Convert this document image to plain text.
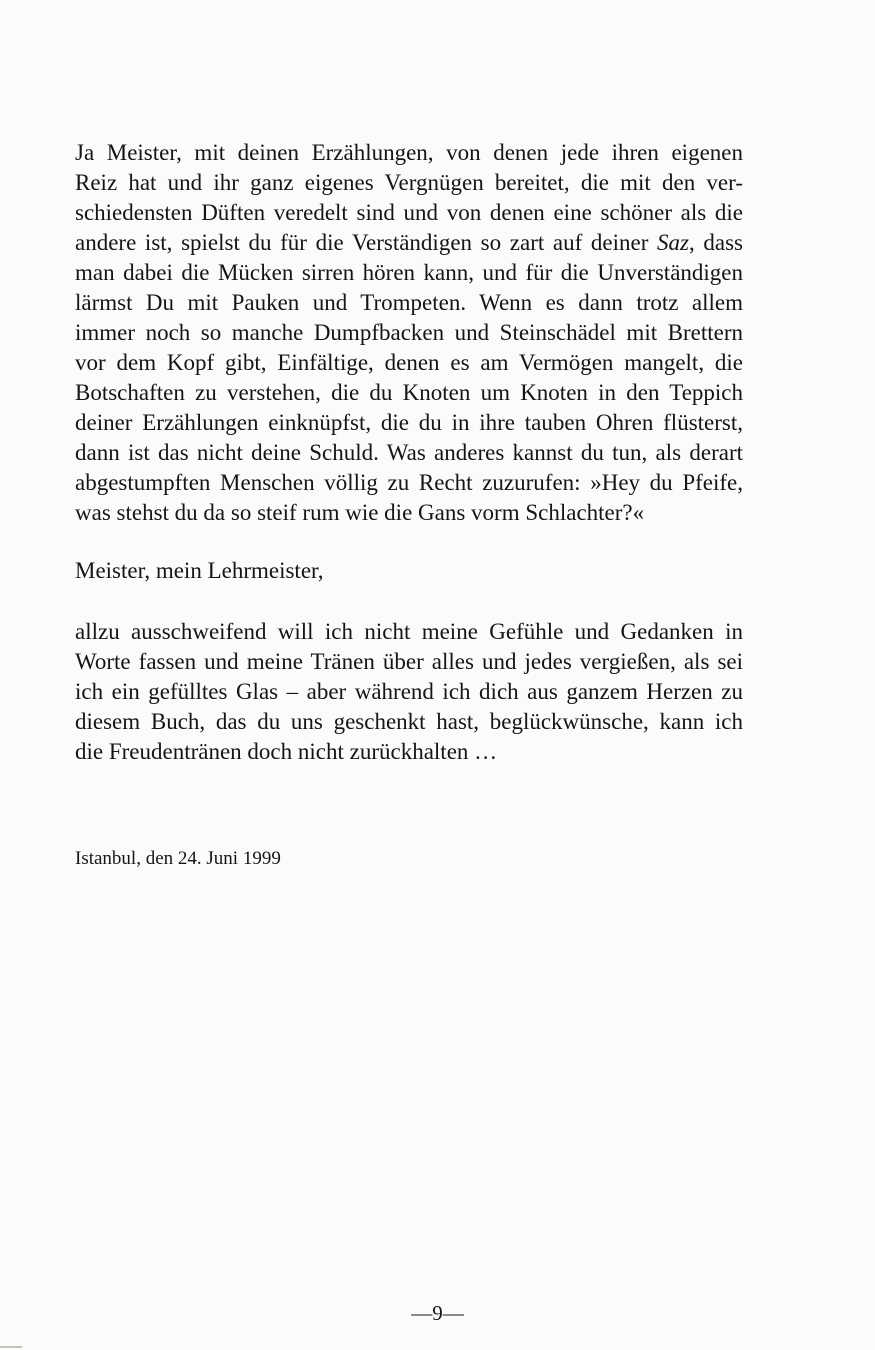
Ja Meister, mit deinen Erzählungen, von denen jede ihren eigenen
Reiz hat und ihr ganz eigenes Vergnügen bereitet, die mit den ver-
schiedensten Düften veredelt sind und von denen eine schöner als die
andere ist, spielst du für die Verständigen so zart auf deiner Saz, dass
man dabei die Mücken sirren hören kann, und für die Unverständigen
lärmst Du mit Pauken und Trompeten. Wenn es dann trotz allem
immer noch so manche Dumpfbacken und Steinschädel mit Brettern
vor dem Kopf gibt, Einfältige, denen es am Vermögen mangelt, die
Botschaften zu verstehen, die du Knoten um Knoten in den Teppich
deiner Erzählungen einknüpfst, die du in ihre tauben Ohren flüsterst,
dann ist das nicht deine Schuld. Was anderes kannst du tun, als derart
abgestumpften Menschen völlig zu Recht zuzurufen: »Hey du Pfeife,
was stehst du da so steif rum wie die Gans vorm Schlachter?«
Meister, mein Lehrmeister,
allzu ausschweifend will ich nicht meine Gefühle und Gedanken in
Worte fassen und meine Tränen über alles und jedes vergießen, als sei
ich ein gefülltes Glas – aber während ich dich aus ganzem Herzen zu
diesem Buch, das du uns geschenkt hast, beglückwünsche, kann ich
die Freudentränen doch nicht zurückhalten …
Istanbul, den 24. Juni 1999
—9—
